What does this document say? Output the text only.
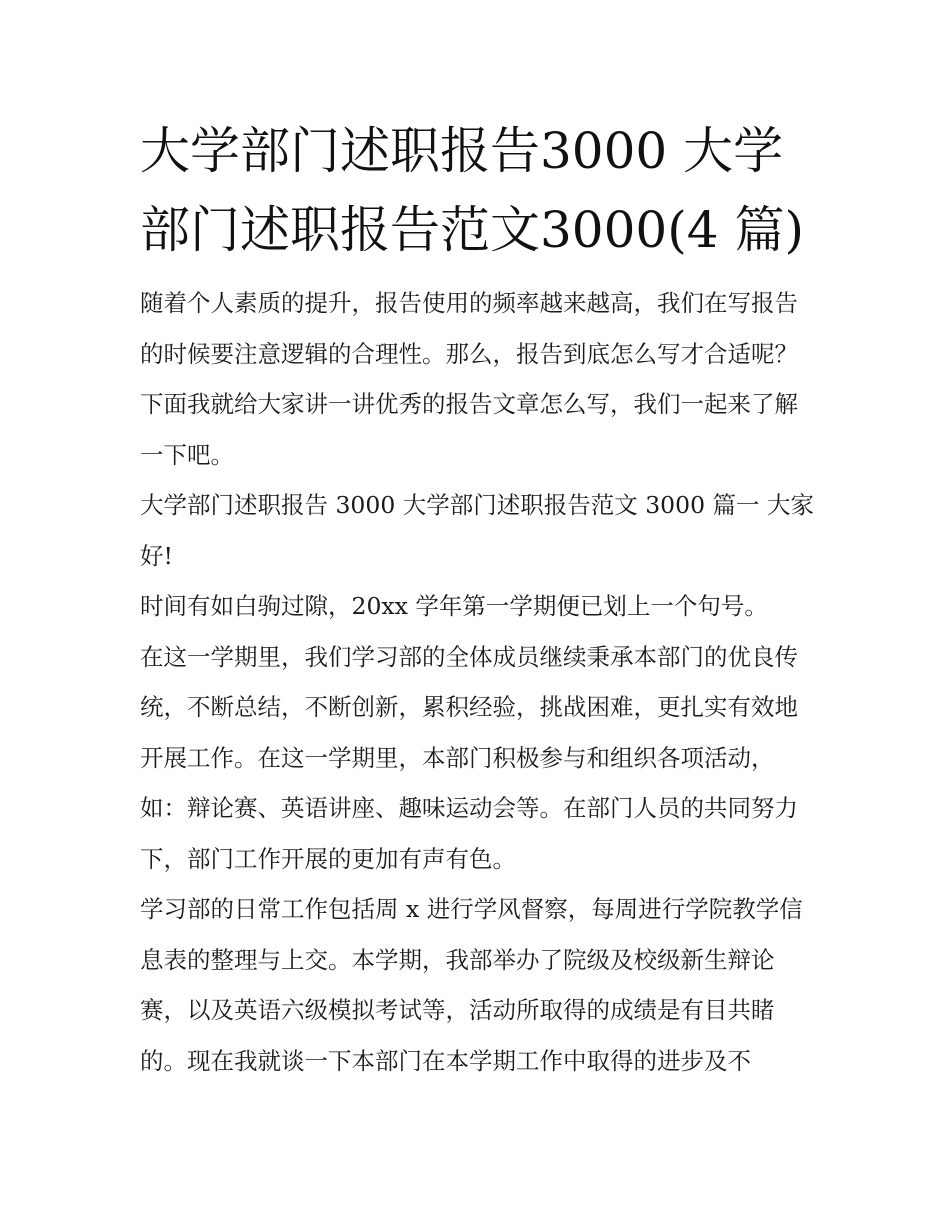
大学部门述职报告3000 大学部门述职报告范文3000(4 篇)

随着个人素质的提升，报告使用的频率越来越高，我们在写报告的时候要注意逻辑的合理性。那么，报告到底怎么写才合适呢？下面我就给大家讲一讲优秀的报告文章怎么写，我们一起来了解一下吧。

大学部门述职报告 3000 大学部门述职报告范文 3000 篇一 大家好!

时间有如白驹过隙，20xx 学年第一学期便已划上一个句号。

在这一学期里，我们学习部的全体成员继续秉承本部门的优良传统，不断总结，不断创新，累积经验，挑战困难，更扎实有效地开展工作。在这一学期里，本部门积极参与和组织各项活动，如：辩论赛、英语讲座、趣味运动会等。在部门人员的共同努力下，部门工作开展的更加有声有色。

学习部的日常工作包括周 x 进行学风督察，每周进行学院教学信息表的整理与上交。本学期，我部举办了院级及校级新生辩论赛，以及英语六级模拟考试等，活动所取得的成绩是有目共睹的。现在我就谈一下本部门在本学期工作中取得的进步及不
